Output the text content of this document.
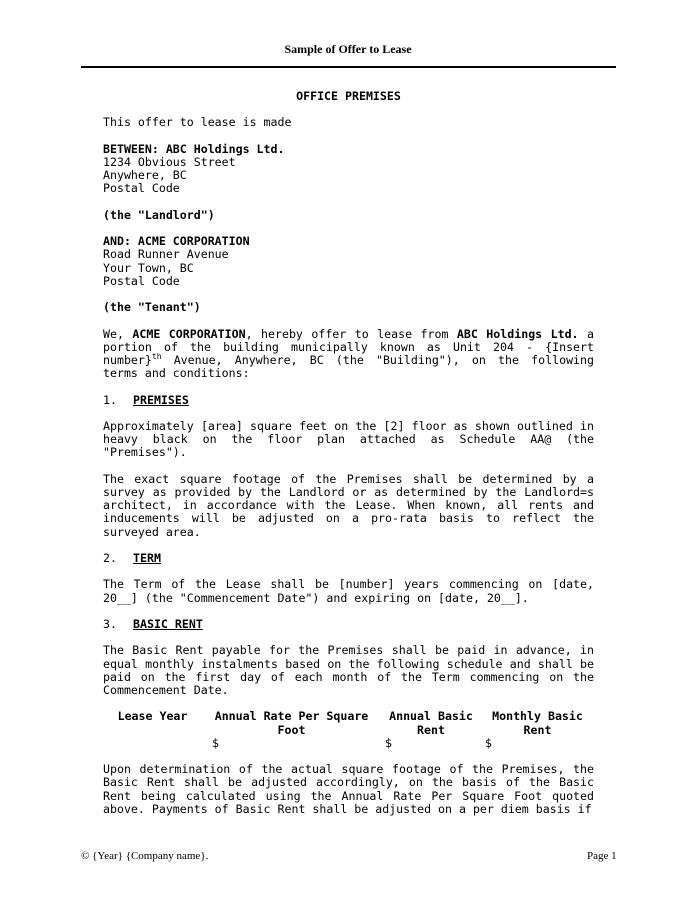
Sample of Offer to Lease

OFFICE PREMISES

This offer to lease is made

BETWEEN: ABC Holdings Ltd.
1234 Obvious Street
Anywhere, BC
Postal Code

(the "Landlord")

AND: ACME CORPORATION
Road Runner Avenue
Your Town, BC
Postal Code

(the "Tenant")

We, ACME CORPORATION, hereby offer to lease from ABC Holdings Ltd. a portion of the building municipally known as Unit 204 - {Insert number}$^{th}$ Avenue, Anywhere, BC (the "Building"), on the following terms and conditions:

1.	PREMISES

Approximately [area] square feet on the [2] floor as shown outlined in heavy black on the floor plan attached as Schedule AA@ (the "Premises").

The exact square footage of the Premises shall be determined by a survey as provided by the Landlord or as determined by the Landlord=s architect, in accordance with the Lease. When known, all rents and inducements will be adjusted on a pro-rata basis to reflect the surveyed area.

2.	TERM

The Term of the Lease shall be [number] years commencing on [date, 20__] (the "Commencement Date") and expiring on [date, 20__].

3.	BASIC RENT

The Basic Rent payable for the Premises shall be paid in advance, in equal monthly instalments based on the following schedule and shall be paid on the first day of each month of the Term commencing on the Commencement Date.

Lease Year	Annual Rate Per Square Foot	Annual Basic Rent	Monthly Basic Rent
	$	$	$

Upon determination of the actual square footage of the Premises, the Basic Rent shall be adjusted accordingly, on the basis of the Basic Rent being calculated using the Annual Rate Per Square Foot quoted above. Payments of Basic Rent shall be adjusted on a per diem basis if

© {Year} {Company name}.	Page 1
